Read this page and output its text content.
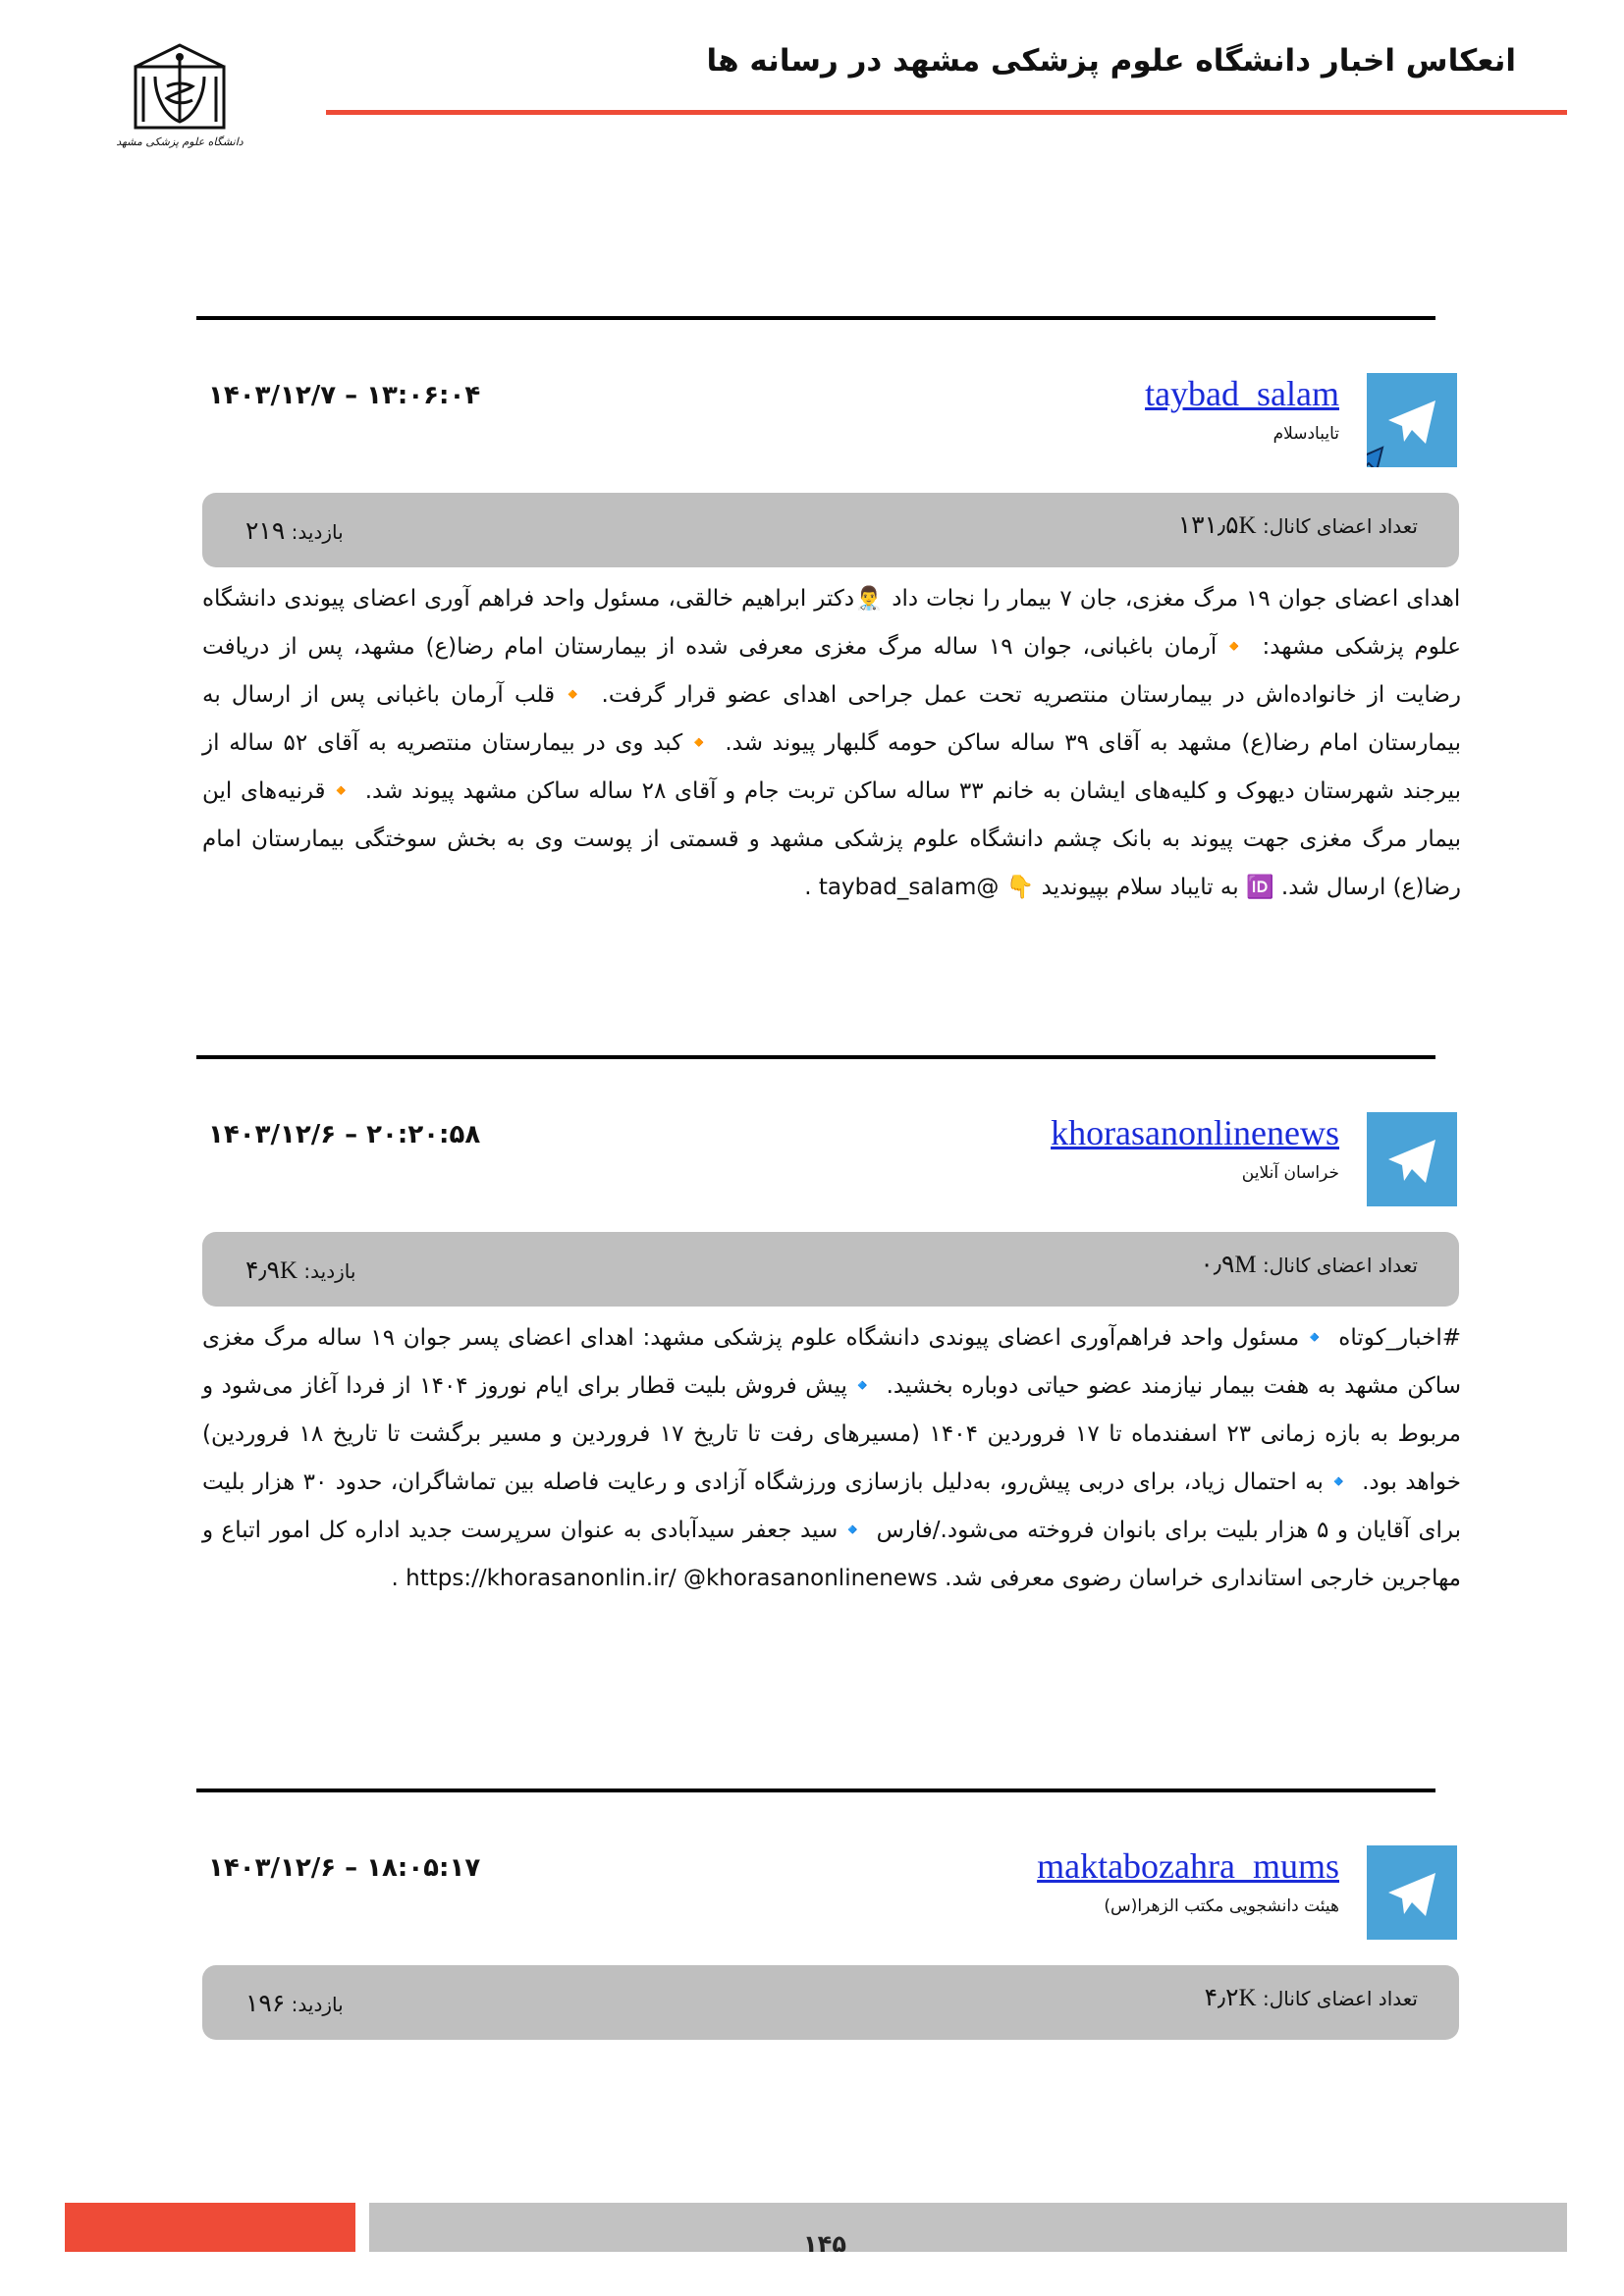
دانشگاه علوم پزشکی مشهد
انعکاس اخبار دانشگاه علوم پزشکی مشهد در رسانه ها
taybad_salam
تایبادسلام
۱۴۰۳/۱۲/۷ – ۱۳:۰۶:۰۴
تعداد اعضای کانال: ۱۳۱٫۵K
بازدید: ۲۱۹
اهدای اعضای جوان ۱۹ مرگ مغزی، جان ۷ بیمار را نجات داد 👨‍⚕️دکتر ابراهیم خالقی، مسئول واحد فراهم آوری اعضای پیوندی دانشگاه علوم پزشکی مشهد: 🔸آرمان باغبانی، جوان ۱۹ ساله مرگ مغزی معرفی شده از بیمارستان امام رضا(ع) مشهد، پس از دریافت رضایت از خانواده‌اش در بیمارستان منتصریه تحت عمل جراحی اهدای عضو قرار گرفت. 🔸قلب آرمان باغبانی پس از ارسال به بیمارستان امام رضا(ع) مشهد به آقای ۳۹ ساله ساکن حومه گلبهار پیوند شد. 🔸کبد وی در بیمارستان منتصریه به آقای ۵۲ ساله از بیرجند شهرستان دیهوک و کلیه‌های ایشان به خانم ۳۳ ساله ساکن تربت جام و آقای ۲۸ ساله ساکن مشهد پیوند شد. 🔸قرنیه‌های این بیمار مرگ مغزی جهت پیوند به بانک چشم دانشگاه علوم پزشکی مشهد و قسمتی از پوست وی به بخش سوختگی بیمارستان امام رضا(ع) ارسال شد. 🆔 به تایباد سلام بپیوندید 👇 @taybad_salam .
khorasanonlinenews
خراسان آنلاین
۱۴۰۳/۱۲/۶ – ۲۰:۲۰:۵۸
تعداد اعضای کانال: ۰٫۹M
بازدید: ۴٫۹K
#اخبار_کوتاه 🔹مسئول واحد فراهم‌آوری اعضای پیوندی دانشگاه علوم پزشکی مشهد: اهدای اعضای پسر جوان ۱۹ ساله مرگ مغزی ساکن مشهد به هفت بیمار نیازمند عضو حیاتی دوباره بخشید. 🔹پیش فروش بلیت قطار برای ایام نوروز ۱۴۰۴ از فردا آغاز می‌شود و مربوط به بازه زمانی ۲۳ اسفندماه تا ۱۷ فروردین ۱۴۰۴ (مسیرهای رفت تا تاریخ ۱۷ فروردین و مسیر برگشت تا تاریخ ۱۸ فروردین) خواهد بود. 🔹به احتمال زیاد، برای دربی پیش‌رو، به‌دلیل بازسازی ورزشگاه آزادی و رعایت فاصله بین تماشاگران، حدود ۳۰ هزار بلیت برای آقایان و ۵ هزار بلیت برای بانوان فروخته می‌شود./فارس 🔹سید جعفر سیدآبادی به عنوان سرپرست جدید اداره کل امور اتباع و مهاجرین خارجی استانداری خراسان رضوی معرفی شد. https://khorasanonlin.ir/ @khorasanonlinenews .
maktabozahra_mums
هیئت دانشجویی مکتب الزهرا(س)
۱۴۰۳/۱۲/۶ – ۱۸:۰۵:۱۷
تعداد اعضای کانال: ۴٫۲K
بازدید: ۱۹۶
۱۴۵
